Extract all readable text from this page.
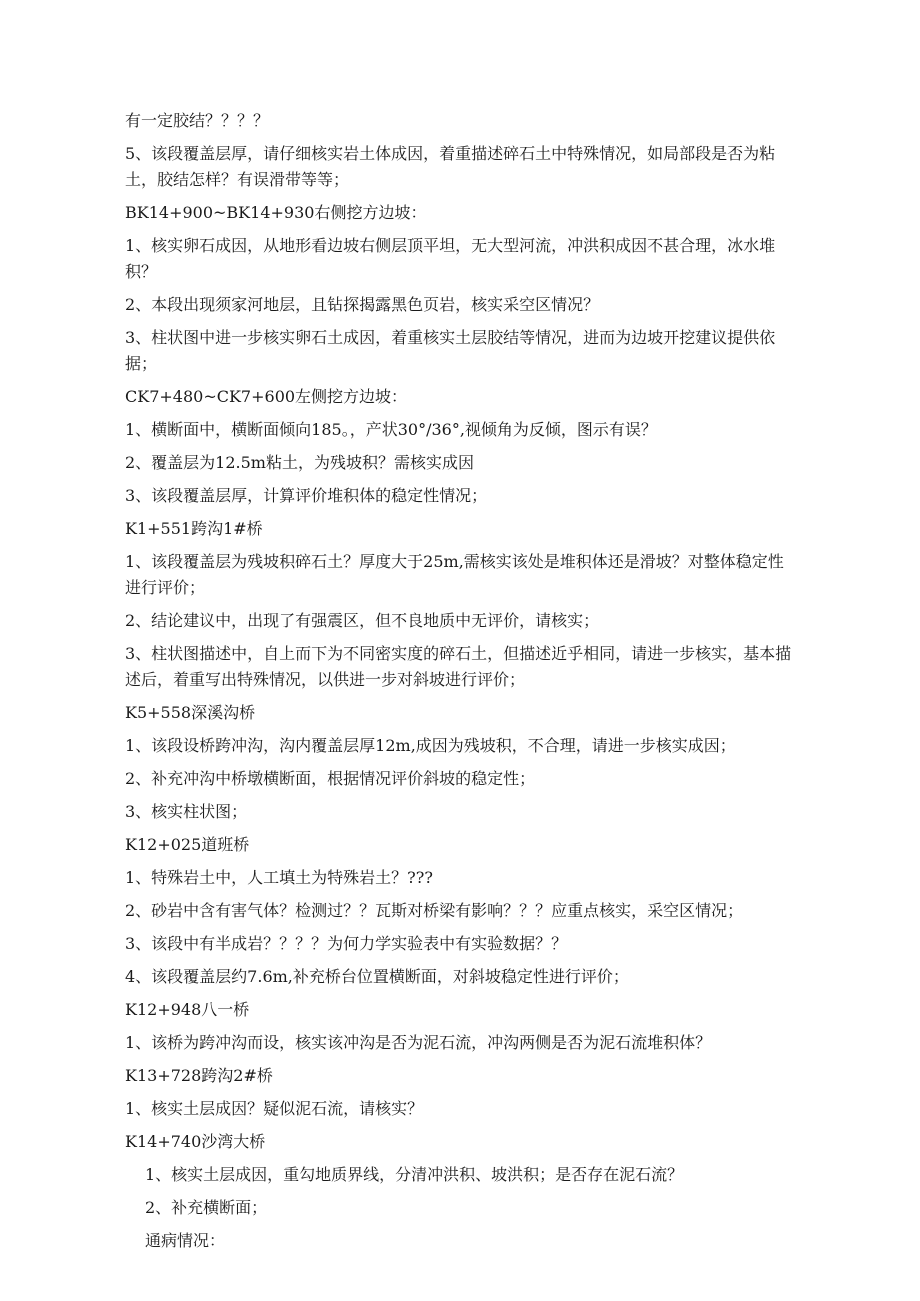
有一定胶结？？？？

5、该段覆盖层厚，请仔细核实岩土体成因，着重描述碎石土中特殊情况，如局部段是否为粘土，胶结怎样？有误滑带等等；

BK14+900~BK14+930右侧挖方边坡：

1、核实卵石成因，从地形看边坡右侧层顶平坦，无大型河流，冲洪积成因不甚合理，冰水堆积？

2、本段出现须家河地层，且钻探揭露黑色页岩，核实采空区情况？

3、柱状图中进一步核实卵石土成因，着重核实土层胶结等情况，进而为边坡开挖建议提供依据；

CK7+480~CK7+600左侧挖方边坡：

1、横断面中，横断面倾向185。，产状30°/36°,视倾角为反倾，图示有误？

2、覆盖层为12.5m粘土，为残坡积？需核实成因

3、该段覆盖层厚，计算评价堆积体的稳定性情况；

K1+551跨沟1#桥

1、该段覆盖层为残坡积碎石土？厚度大于25m,需核实该处是堆积体还是滑坡？对整体稳定性进行评价；

2、结论建议中，出现了有强震区，但不良地质中无评价，请核实；

3、柱状图描述中，自上而下为不同密实度的碎石土，但描述近乎相同，请进一步核实，基本描述后，着重写出特殊情况，以供进一步对斜坡进行评价；

K5+558深溪沟桥

1、该段设桥跨冲沟，沟内覆盖层厚12m,成因为残坡积，不合理，请进一步核实成因；

2、补充冲沟中桥墩横断面，根据情况评价斜坡的稳定性；

3、核实柱状图；

K12+025道班桥

1、特殊岩土中，人工填土为特殊岩土？???

2、砂岩中含有害气体？检测过？？瓦斯对桥梁有影响？？？应重点核实，采空区情况；

3、该段中有半成岩？？？？为何力学实验表中有实验数据？？

4、该段覆盖层约7.6m,补充桥台位置横断面，对斜坡稳定性进行评价；

K12+948八一桥

1、该桥为跨冲沟而设，核实该冲沟是否为泥石流，冲沟两侧是否为泥石流堆积体？

K13+728跨沟2#桥

1、核实土层成因？疑似泥石流，请核实？

K14+740沙湾大桥

1、核实土层成因，重勾地质界线，分清冲洪积、坡洪积；是否存在泥石流？

2、补充横断面；

通病情况：
